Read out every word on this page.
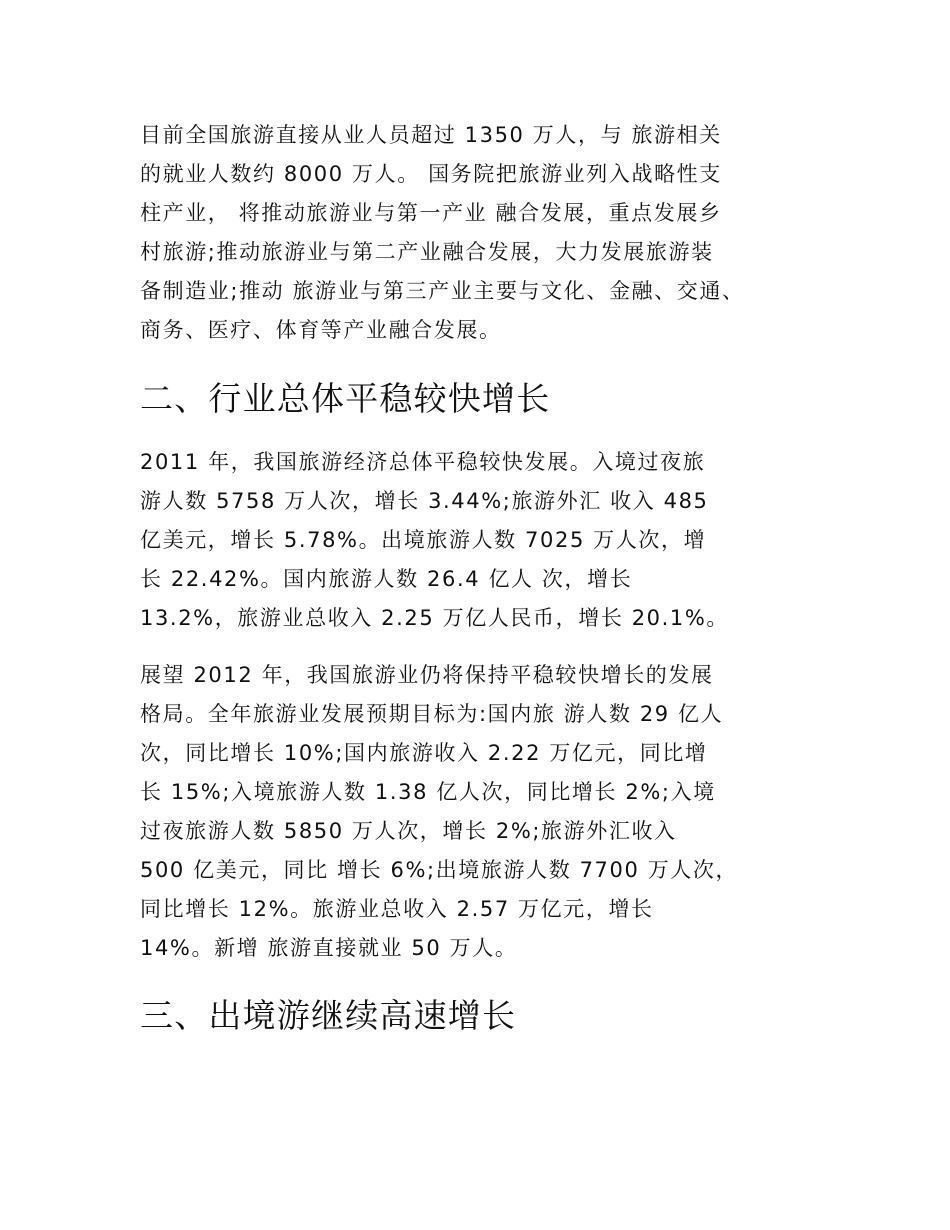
目前全国旅游直接从业人员超过 1350 万人，与 旅游相关
的就业人数约 8000 万人。 国务院把旅游业列入战略性支
柱产业， 将推动旅游业与第一产业 融合发展，重点发展乡
村旅游;推动旅游业与第二产业融合发展，大力发展旅游装
备制造业;推动 旅游业与第三产业主要与文化、金融、交通、
商务、医疗、体育等产业融合发展。
二、行业总体平稳较快增长
2011 年，我国旅游经济总体平稳较快发展。入境过夜旅
游人数 5758 万人次，增长 3.44%;旅游外汇 收入 485
亿美元，增长 5.78%。出境旅游人数 7025 万人次，增
长 22.42%。国内旅游人数 26.4 亿人 次，增长
13.2%，旅游业总收入 2.25 万亿人民币，增长 20.1%。
展望 2012 年，我国旅游业仍将保持平稳较快增长的发展
格局。全年旅游业发展预期目标为:国内旅 游人数 29 亿人
次，同比增长 10%;国内旅游收入 2.22 万亿元，同比增
长 15%;入境旅游人数 1.38 亿人次，同比增长 2%;入境
过夜旅游人数 5850 万人次，增长 2%;旅游外汇收入
500 亿美元，同比 增长 6%;出境旅游人数 7700 万人次，
同比增长 12%。旅游业总收入 2.57 万亿元，增长
14%。新增 旅游直接就业 50 万人。
三、出境游继续高速增长
